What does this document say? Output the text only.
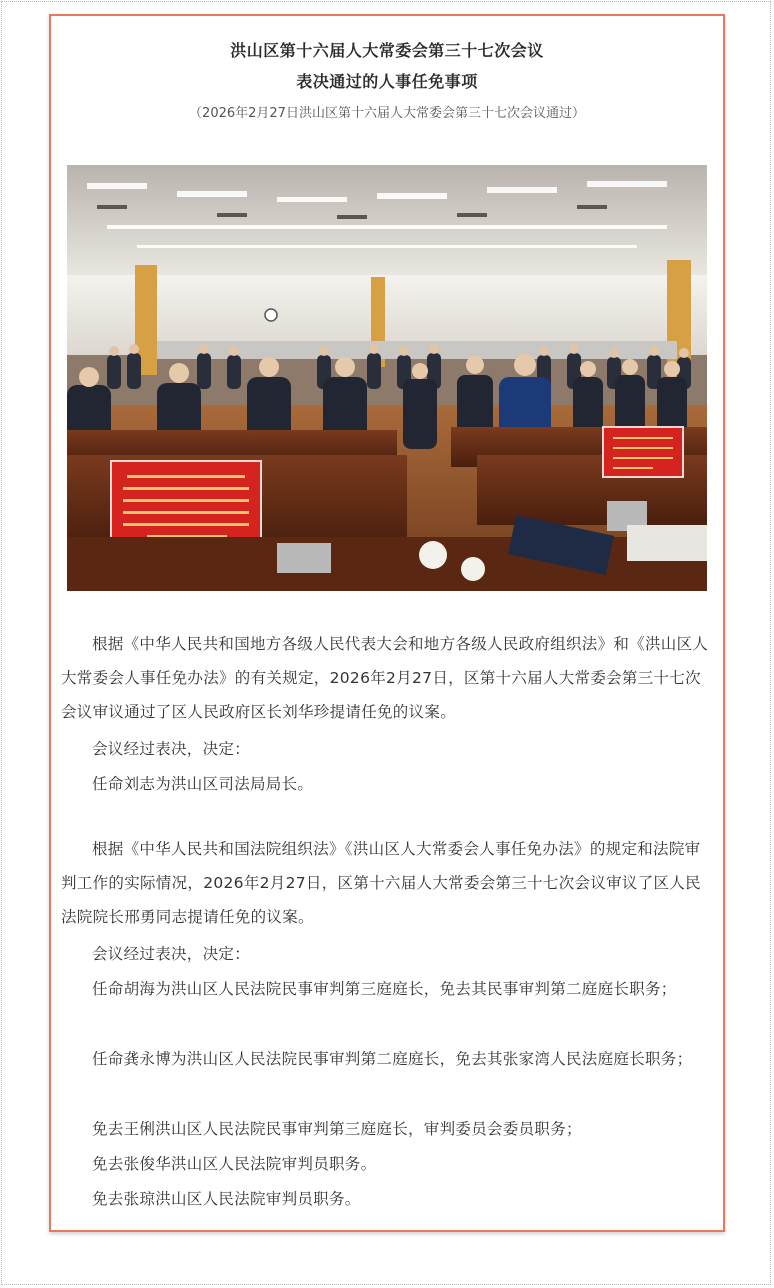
洪山区第十六届人大常委会第三十七次会议
表决通过的人事任免事项
（2026年2月27日洪山区第十六届人大常委会第三十七次会议通过）

根据《中华人民共和国地方各级人民代表大会和地方各级人民政府组织法》和《洪山区人大常委会人事任免办法》的有关规定，2026年2月27日，区第十六届人大常委会第三十七次会议审议通过了区人民政府区长刘华珍提请任免的议案。

会议经过表决，决定：

任命刘志为洪山区司法局局长。

根据《中华人民共和国法院组织法》《洪山区人大常委会人事任免办法》的规定和法院审判工作的实际情况，2026年2月27日，区第十六届人大常委会第三十七次会议审议了区人民法院院长邢勇同志提请任免的议案。

会议经过表决，决定：

任命胡海为洪山区人民法院民事审判第三庭庭长，免去其民事审判第二庭庭长职务；

任命龚永博为洪山区人民法院民事审判第二庭庭长，免去其张家湾人民法庭庭长职务；

免去王俐洪山区人民法院民事审判第三庭庭长，审判委员会委员职务；

免去张俊华洪山区人民法院审判员职务。

免去张琼洪山区人民法院审判员职务。
